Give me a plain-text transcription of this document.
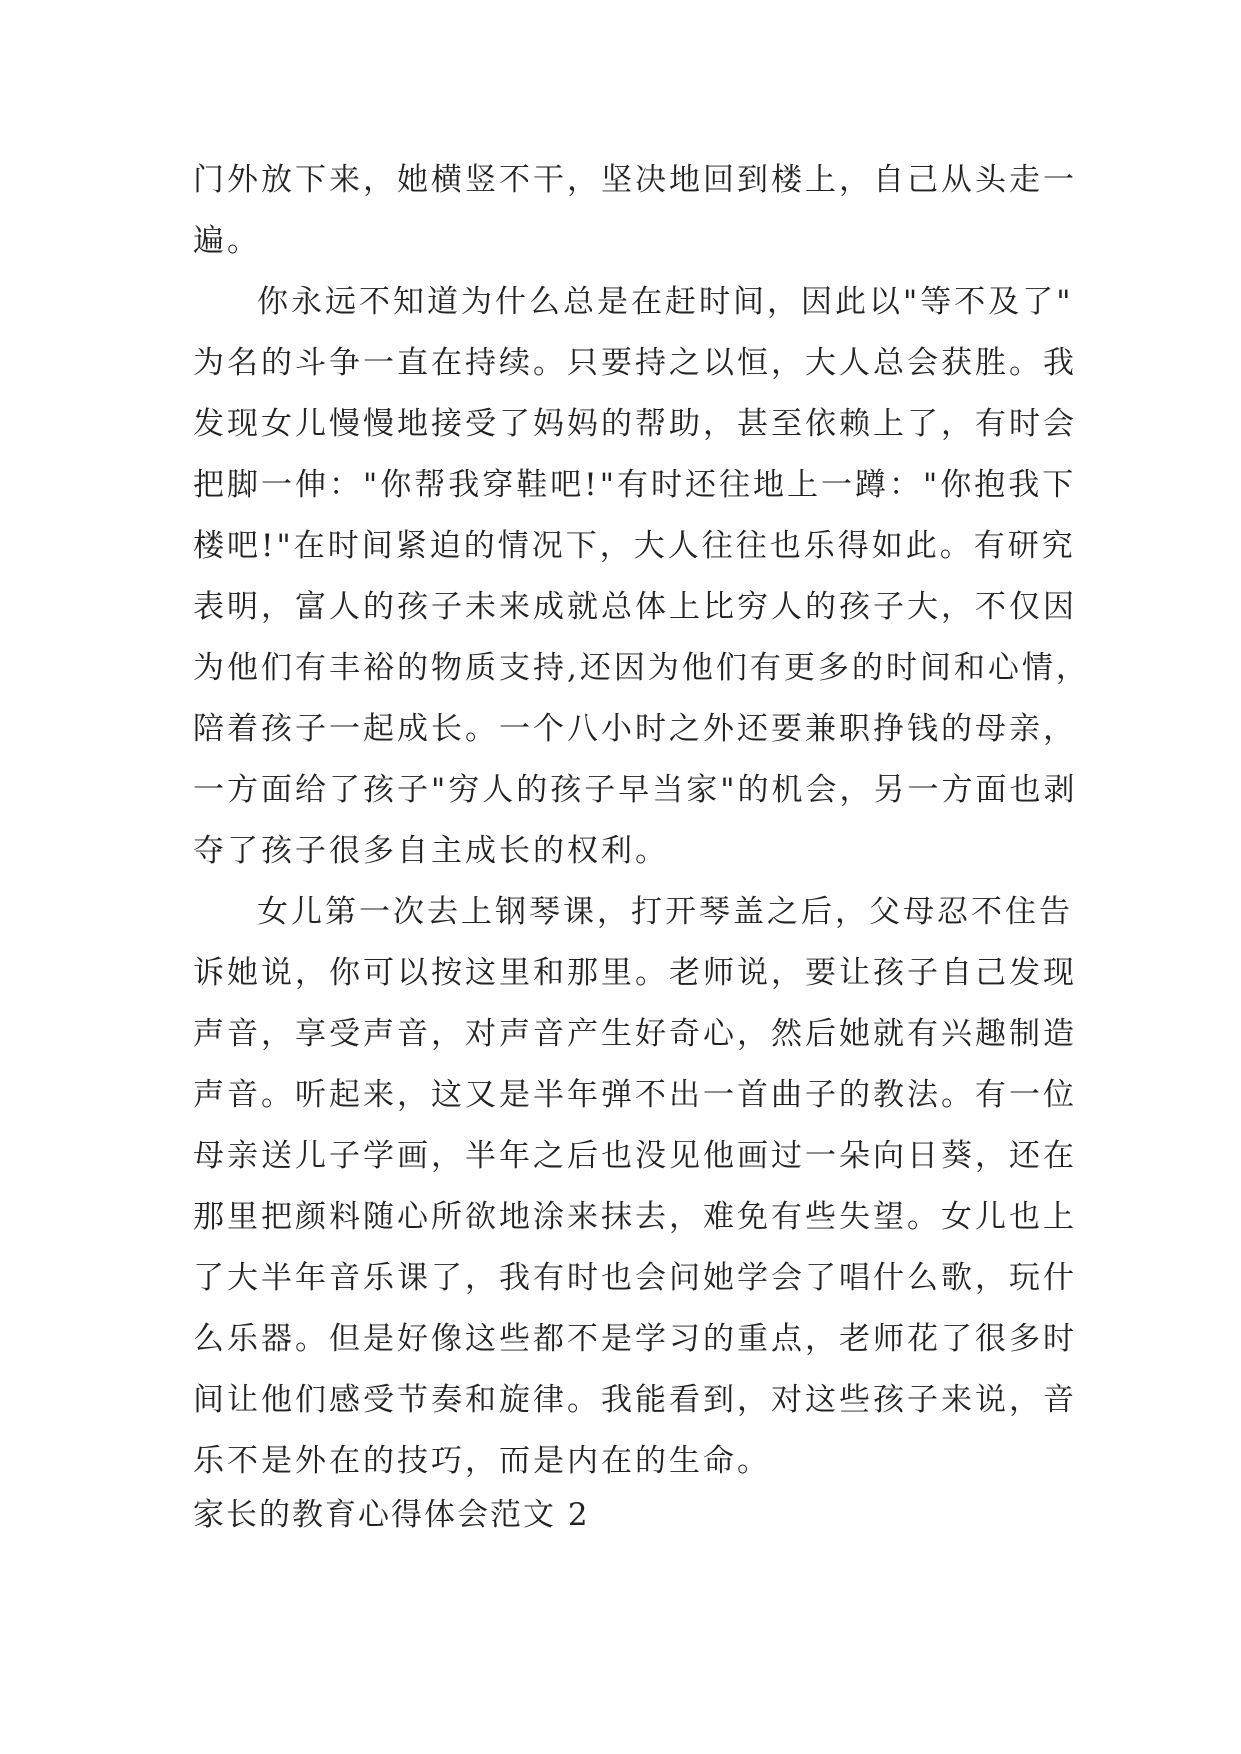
门外放下来，她横竖不干，坚决地回到楼上，自己从头走一
遍。

你永远不知道为什么总是在赶时间，因此以"等不及了"
为名的斗争一直在持续。只要持之以恒，大人总会获胜。我
发现女儿慢慢地接受了妈妈的帮助，甚至依赖上了，有时会
把脚一伸："你帮我穿鞋吧!"有时还往地上一蹲："你抱我下
楼吧!"在时间紧迫的情况下，大人往往也乐得如此。有研究
表明，富人的孩子未来成就总体上比穷人的孩子大，不仅因
为他们有丰裕的物质支持,还因为他们有更多的时间和心情，
陪着孩子一起成长。一个八小时之外还要兼职挣钱的母亲，
一方面给了孩子"穷人的孩子早当家"的机会，另一方面也剥
夺了孩子很多自主成长的权利。

女儿第一次去上钢琴课，打开琴盖之后，父母忍不住告
诉她说，你可以按这里和那里。老师说，要让孩子自己发现
声音，享受声音，对声音产生好奇心，然后她就有兴趣制造
声音。听起来，这又是半年弹不出一首曲子的教法。有一位
母亲送儿子学画，半年之后也没见他画过一朵向日葵，还在
那里把颜料随心所欲地涂来抹去，难免有些失望。女儿也上
了大半年音乐课了，我有时也会问她学会了唱什么歌，玩什
么乐器。但是好像这些都不是学习的重点，老师花了很多时
间让他们感受节奏和旋律。我能看到，对这些孩子来说，音
乐不是外在的技巧，而是内在的生命。

家长的教育心得体会范文 2
